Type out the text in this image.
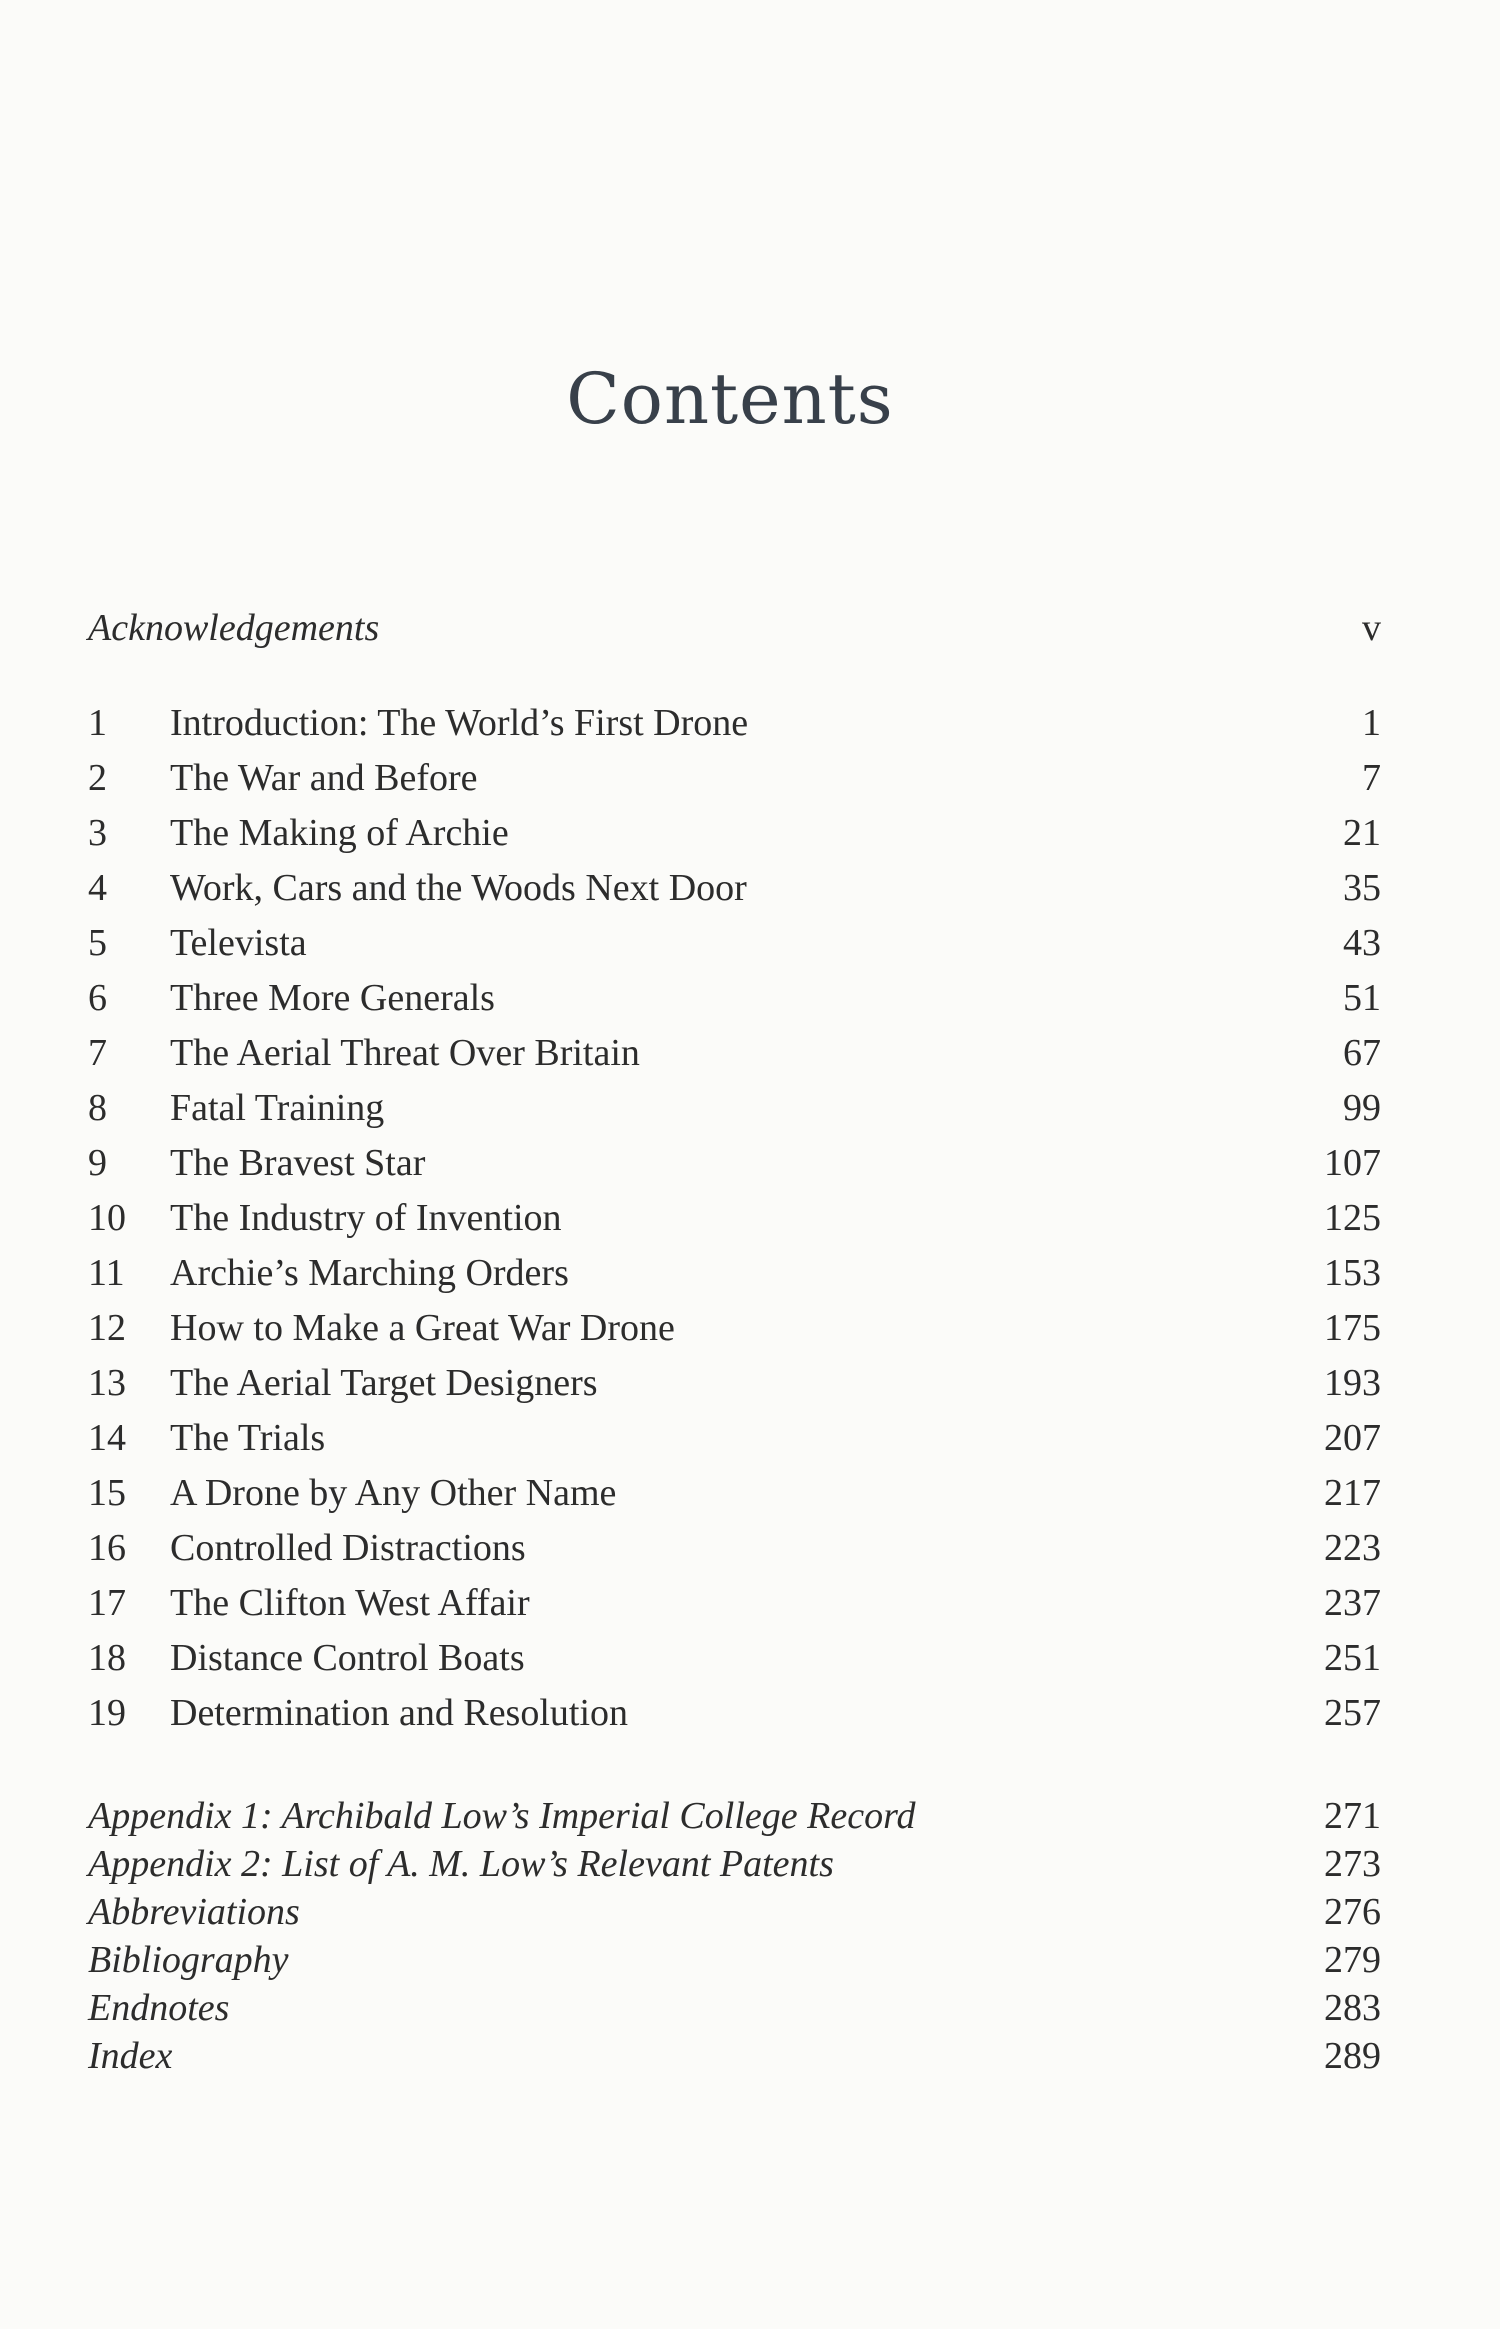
Contents
Acknowledgements	v
1	Introduction: The World’s First Drone	1
2	The War and Before	7
3	The Making of Archie	21
4	Work, Cars and the Woods Next Door	35
5	Televista	43
6	Three More Generals	51
7	The Aerial Threat Over Britain	67
8	Fatal Training	99
9	The Bravest Star	107
10	The Industry of Invention	125
11	Archie’s Marching Orders	153
12	How to Make a Great War Drone	175
13	The Aerial Target Designers	193
14	The Trials	207
15	A Drone by Any Other Name	217
16	Controlled Distractions	223
17	The Clifton West Affair	237
18	Distance Control Boats	251
19	Determination and Resolution	257
Appendix 1: Archibald Low’s Imperial College Record	271
Appendix 2: List of A. M. Low’s Relevant Patents	273
Abbreviations	276
Bibliography	279
Endnotes	283
Index	289
